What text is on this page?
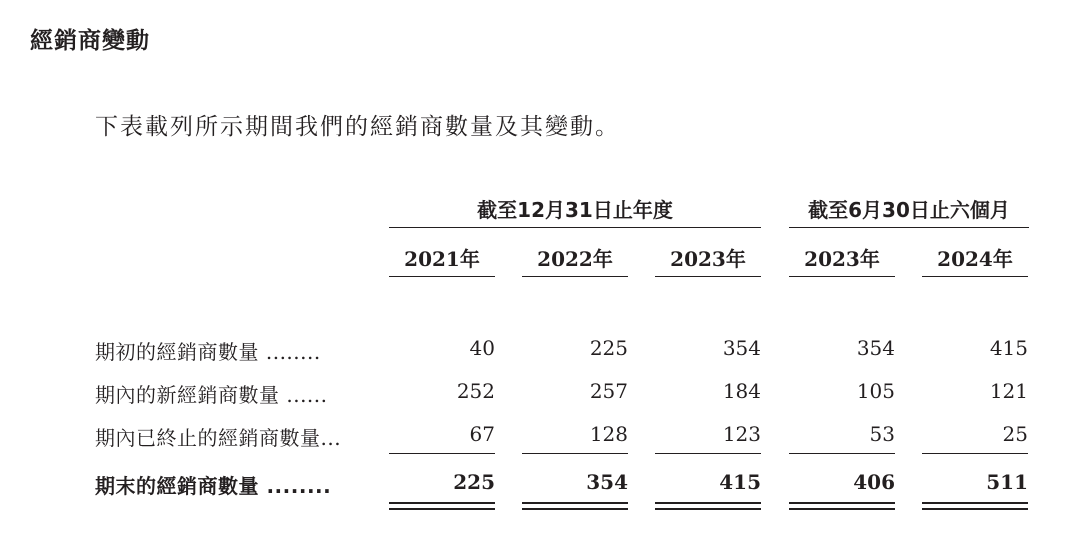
經銷商變動
下表載列所示期間我們的經銷商數量及其變動。
截至12月31日止年度	截至6月30日止六個月
2021年	2022年	2023年	2023年	2024年
期初的經銷商數量 ........	40	225	354	354	415
期內的新經銷商數量 ......	252	257	184	105	121
期內已終止的經銷商數量...	67	128	123	53	25
期末的經銷商數量 ........	225	354	415	406	511
